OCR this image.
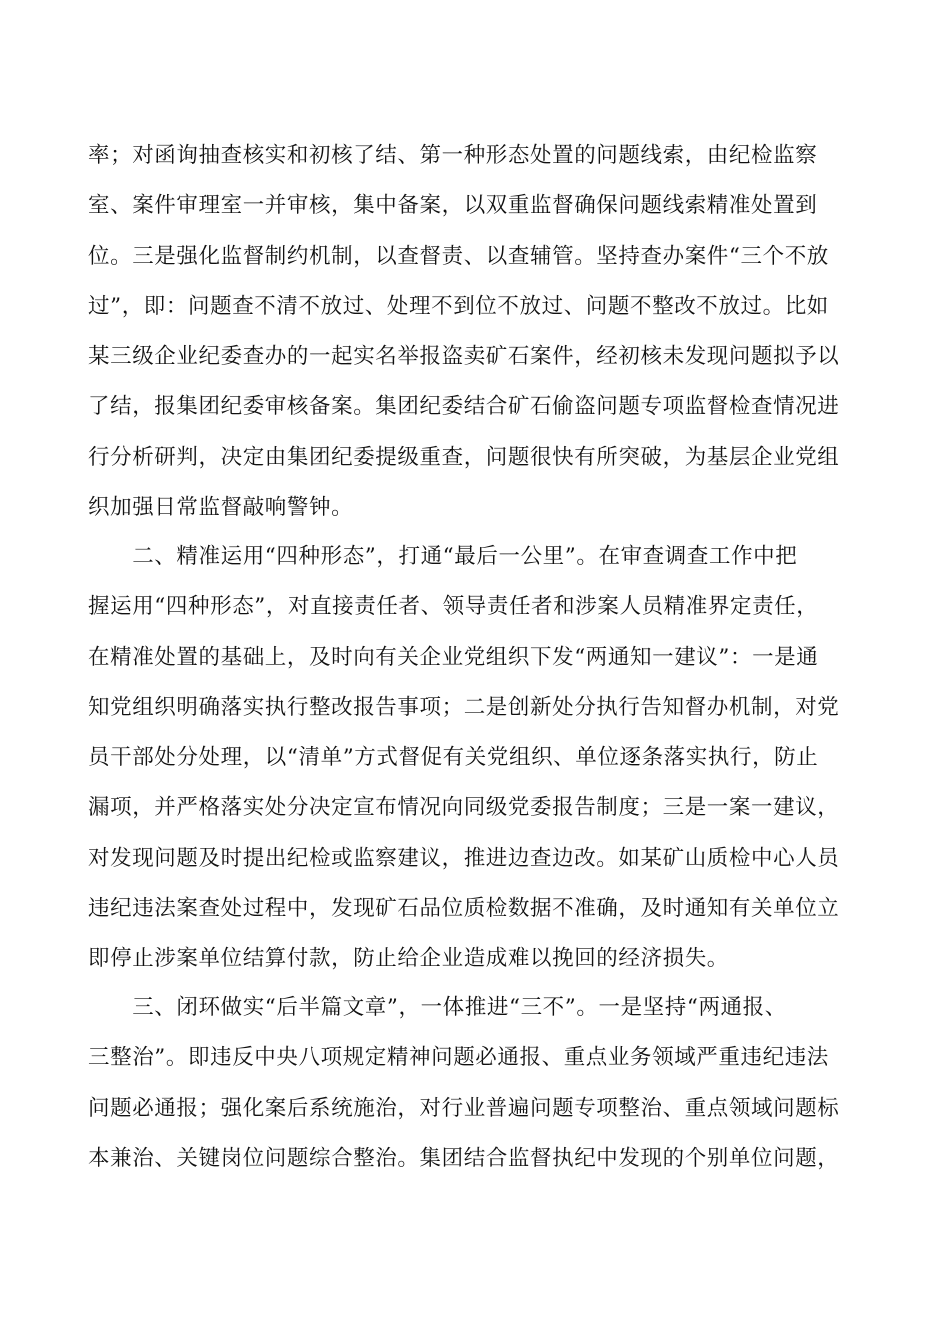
率；对函询抽查核实和初核了结、第一种形态处置的问题线索，由纪检监察
室、案件审理室一并审核，集中备案，以双重监督确保问题线索精准处置到
位。三是强化监督制约机制，以查督责、以查辅管。坚持查办案件“三个不放
过”，即：问题查不清不放过、处理不到位不放过、问题不整改不放过。比如
某三级企业纪委查办的一起实名举报盗卖矿石案件，经初核未发现问题拟予以
了结，报集团纪委审核备案。集团纪委结合矿石偷盗问题专项监督检查情况进
行分析研判，决定由集团纪委提级重查，问题很快有所突破，为基层企业党组
织加强日常监督敲响警钟。
　　二、精准运用“四种形态”，打通“最后一公里”。在审查调查工作中把
握运用“四种形态”，对直接责任者、领导责任者和涉案人员精准界定责任，
在精准处置的基础上，及时向有关企业党组织下发“两通知一建议”：一是通
知党组织明确落实执行整改报告事项；二是创新处分执行告知督办机制，对党
员干部处分处理，以“清单”方式督促有关党组织、单位逐条落实执行，防止
漏项，并严格落实处分决定宣布情况向同级党委报告制度；三是一案一建议，
对发现问题及时提出纪检或监察建议，推进边查边改。如某矿山质检中心人员
违纪违法案查处过程中，发现矿石品位质检数据不准确，及时通知有关单位立
即停止涉案单位结算付款，防止给企业造成难以挽回的经济损失。
　　三、闭环做实“后半篇文章”，一体推进“三不”。一是坚持“两通报、
三整治”。即违反中央八项规定精神问题必通报、重点业务领域严重违纪违法
问题必通报；强化案后系统施治，对行业普遍问题专项整治、重点领域问题标
本兼治、关键岗位问题综合整治。集团结合监督执纪中发现的个别单位问题，
